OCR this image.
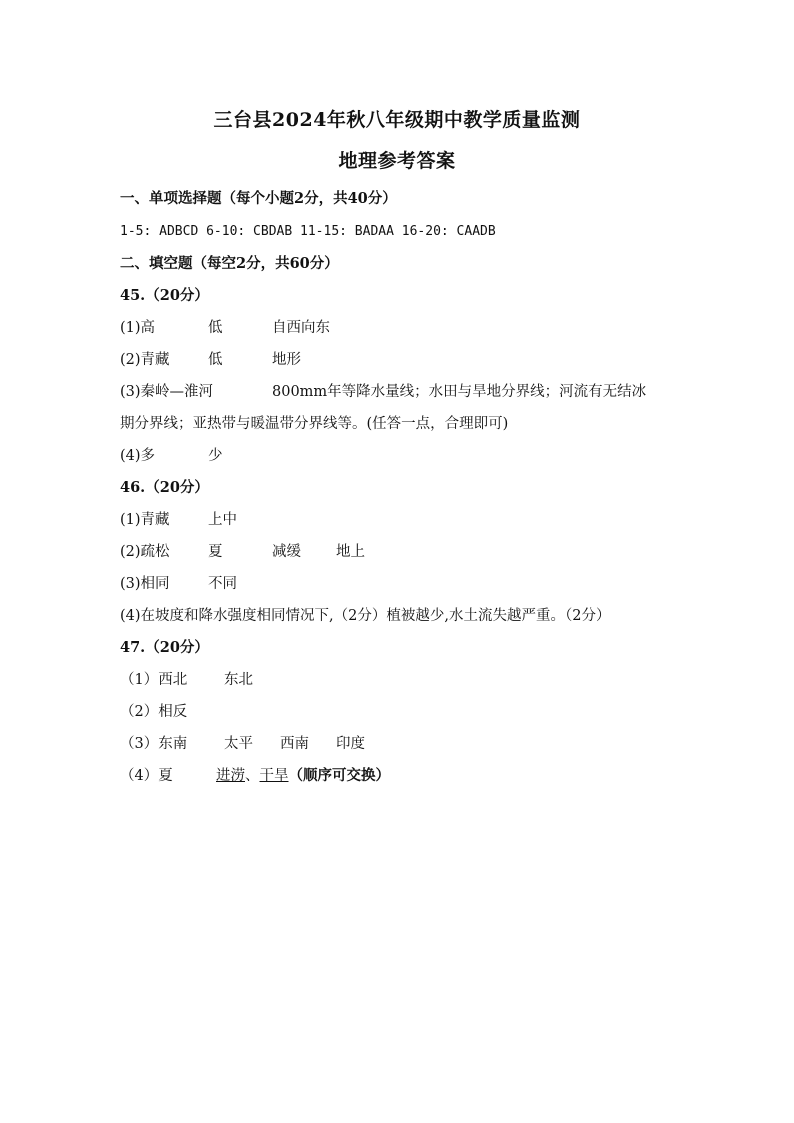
三台县2024年秋八年级期中教学质量监测
地理参考答案
一、单项选择题（每个小题2分，共40分）
1-5: ADBCD 6-10: CBDAB 11-15: BADAA 16-20: CAADB
二、填空题（每空2分，共60分）
45.（20分）
(1)高	低	自西向东
(2)青藏	低	地形
(3)秦岭—淮河	800mm年等降水量线；水田与旱地分界线；河流有无结冰
期分界线；亚热带与暖温带分界线等。(任答一点，合理即可)
(4)多	少
46.（20分）
(1)青藏	上中
(2)疏松	夏	减缓 地上
(3)相同	不同
(4)在坡度和降水强度相同情况下,（2分）植被越少,水土流失越严重。（2分）
47.（20分）
（1）西北	东北
（2）相反
（3）东南	太平 西南 印度
（4）夏	进涝、干旱（顺序可交换）
